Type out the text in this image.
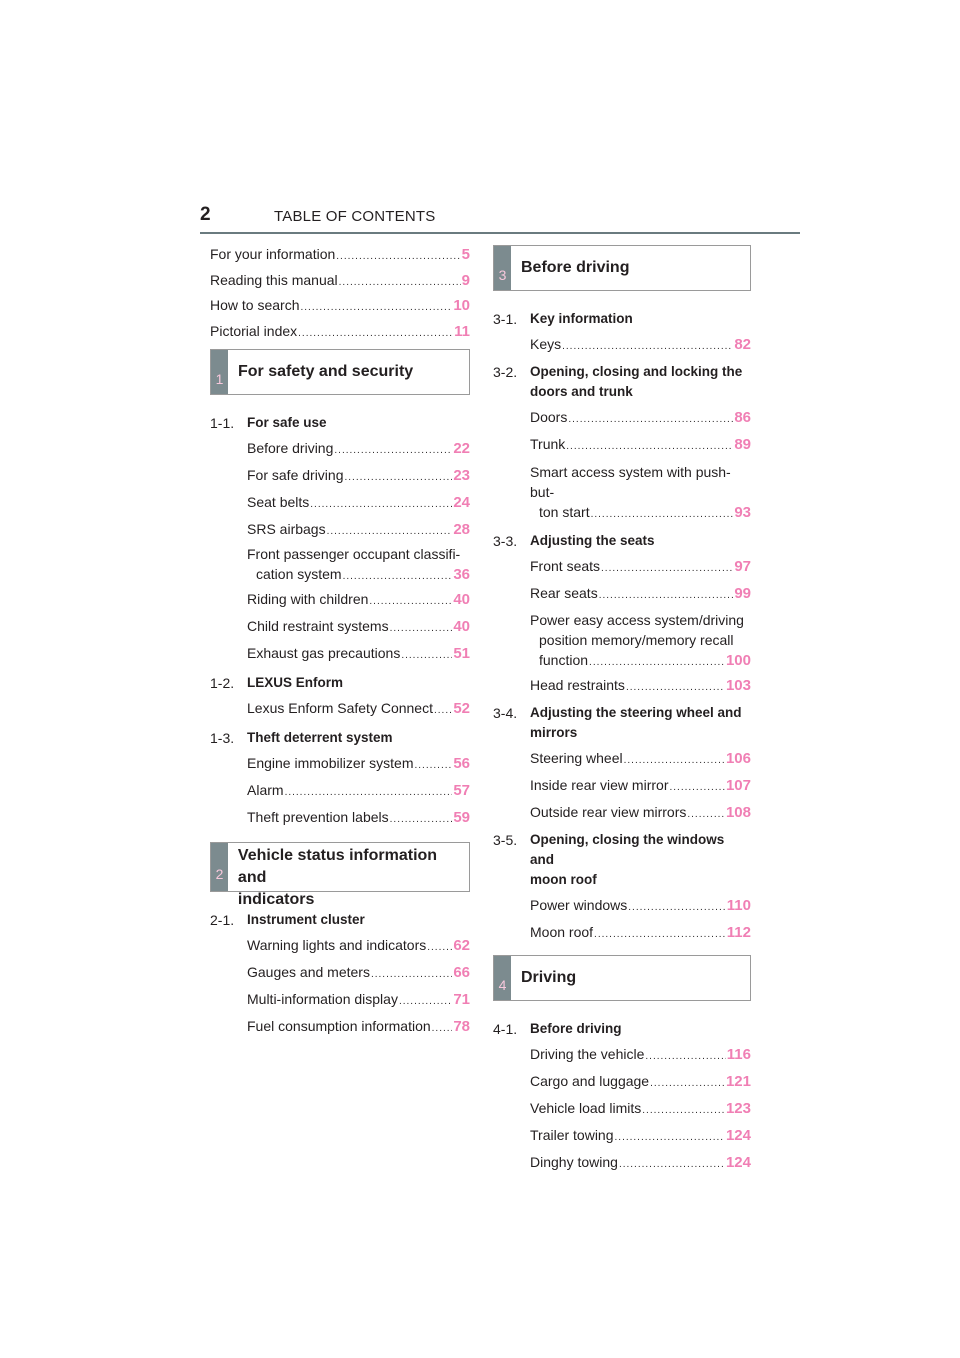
2	TABLE OF CONTENTS
For your information .....	5
Reading this manual .....	9
How to search .....	10
Pictorial index .....	11
1 For safety and security
1-1. For safe use
Before driving .....	22
For safe driving .....	23
Seat belts .....	24
SRS airbags .....	28
Front passenger occupant classifi-
cation system .....	36
Riding with children .....	40
Child restraint systems .....	40
Exhaust gas precautions .....	51
1-2. LEXUS Enform
Lexus Enform Safety Connect ..... 52
1-3. Theft deterrent system
Engine immobilizer system .....	56
Alarm .....	57
Theft prevention labels .....	59
2
Vehicle status information and
indicators
2-1. Instrument cluster
Warning lights and indicators ..... 62
Gauges and meters .....	66
Multi-information display .....	71
Fuel consumption information ..... 78
3 Before driving
3-1. Key information
Keys .....	82
3-2. Opening, closing and locking the
doors and trunk
Doors .....	86
Trunk .....	89
Smart access system with push-but-
ton start .....	93
3-3. Adjusting the seats
Front seats .....	97
Rear seats .....	99
Power easy access system/driving
position memory/memory recall
function .....	100
Head restraints .....	103
3-4. Adjusting the steering wheel and
mirrors
Steering wheel .....	106
Inside rear view mirror .....	107
Outside rear view mirrors .....	108
3-5. Opening, closing the windows and
moon roof
Power windows .....	110
Moon roof .....	112
4 Driving
4-1. Before driving
Driving the vehicle .....	116
Cargo and luggage .....	121
Vehicle load limits .....	123
Trailer towing .....	124
Dinghy towing .....	124
